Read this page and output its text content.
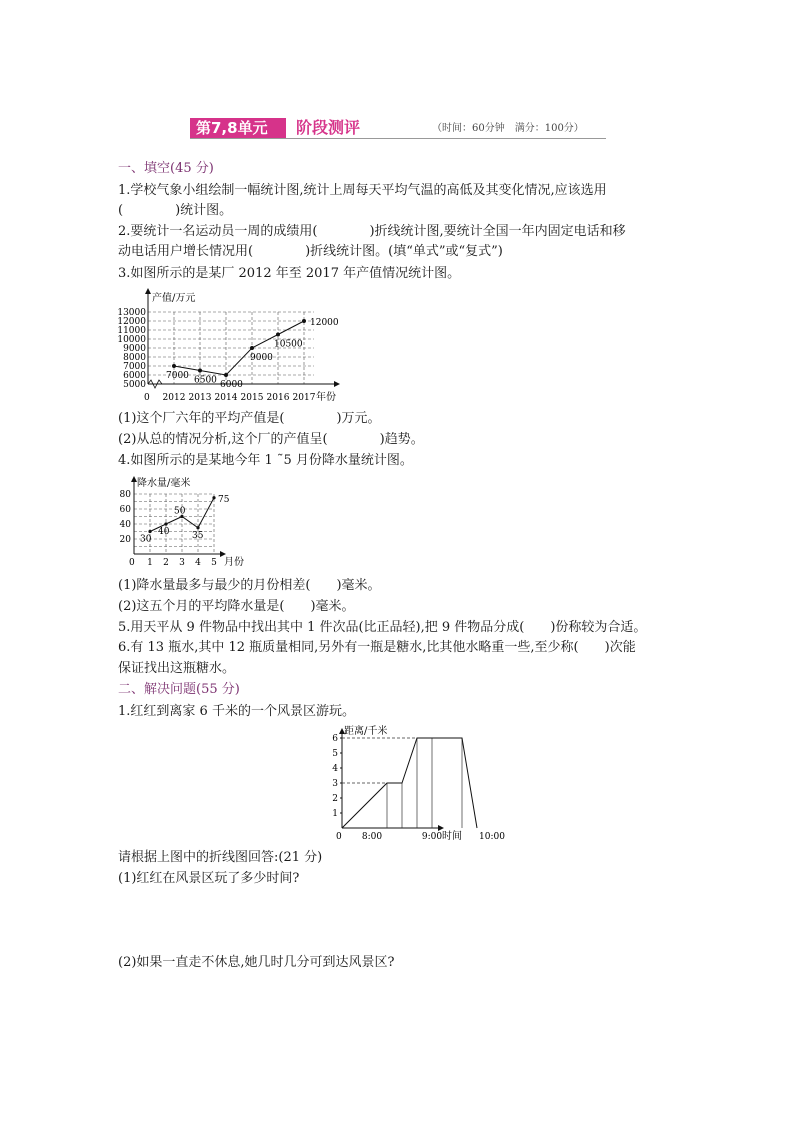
第7,8单元 阶段测评	（时间：60分钟　满分：100分）
一、填空(45 分)
1.学校气象小组绘制一幅统计图,统计上周每天平均气温的高低及其变化情况,应该选用
(　　　　)统计图。
2.要统计一名运动员一周的成绩用(　　　　)折线统计图,要统计全国一年内固定电话和移
动电话用户增长情况用(　　　　)折线统计图。(填“单式”或“复式”)
3.如图所示的是某厂 2012 年至 2017 年产值情况统计图。
产值/万元
年份
0
5000
6000
7000
8000
9000
10000
11000
12000
13000
2012 2013 2014 2015 2016 2017
7000 6500 6000
9000
10500
12000
(1)这个厂六年的平均产值是(　　　　)万元。
(2)从总的情况分析,这个厂的产值呈(　　　　)趋势。
4.如图所示的是某地今年 1 ˜5 月份降水量统计图。
降水量/毫米
月份
0
20
40
60
80
1 2 3 4 5
30
40
50
35
75
(1)降水量最多与最少的月份相差(　　)毫米。
(2)这五个月的平均降水量是(　　)毫米。
5.用天平从 9 件物品中找出其中 1 件次品(比正品轻),把 9 件物品分成(　　)份称较为合适。
6.有 13 瓶水,其中 12 瓶质量相同,另外有一瓶是糖水,比其他水略重一些,至少称(　　)次能
保证找出这瓶糖水。
二、解决问题(55 分)
1.红红到离家 6 千米的一个风景区游玩。
距离/千米
时间
0
1
2
3
4
5
6
8:00	9:00	10:00
请根据上图中的折线图回答:(21 分)
(1)红红在风景区玩了多少时间?
(2)如果一直走不休息,她几时几分可到达风景区?
